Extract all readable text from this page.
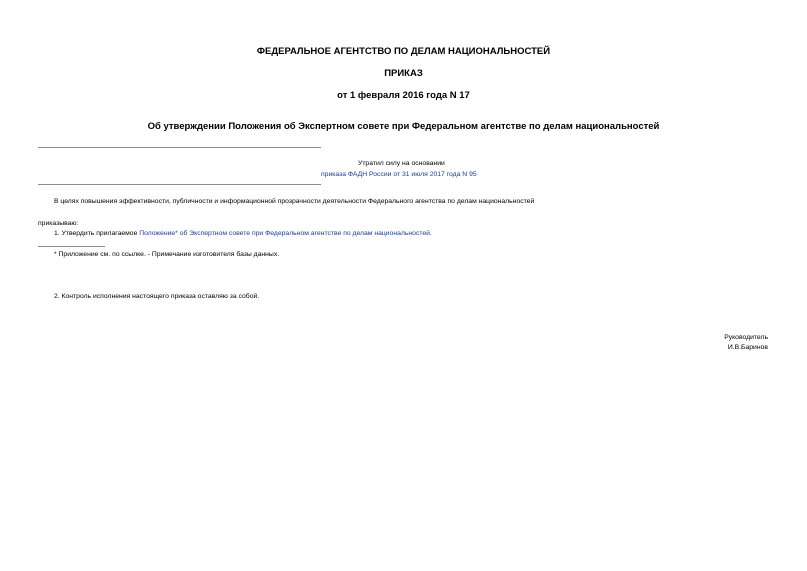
ФЕДЕРАЛЬНОЕ АГЕНТСТВО ПО ДЕЛАМ НАЦИОНАЛЬНОСТЕЙ
ПРИКАЗ
от 1 февраля 2016 года N 17
Об утверждении Положения об Экспертном совете при Федеральном агентстве по делам национальностей
Утратил силу на основании
приказа ФАДН России от 31 июля 2017 года N 95
В целях повышения эффективности, публичности и информационной прозрачности деятельности Федерального агентства по делам национальностей
приказываю:
1. Утвердить прилагаемое Положение* об Экспертном совете при Федеральном агентстве по делам национальностей.
* Приложение см. по ссылке. - Примечание изготовителя базы данных.
2. Контроль исполнения настоящего приказа оставляю за собой.
Руководитель
И.В.Баринов
